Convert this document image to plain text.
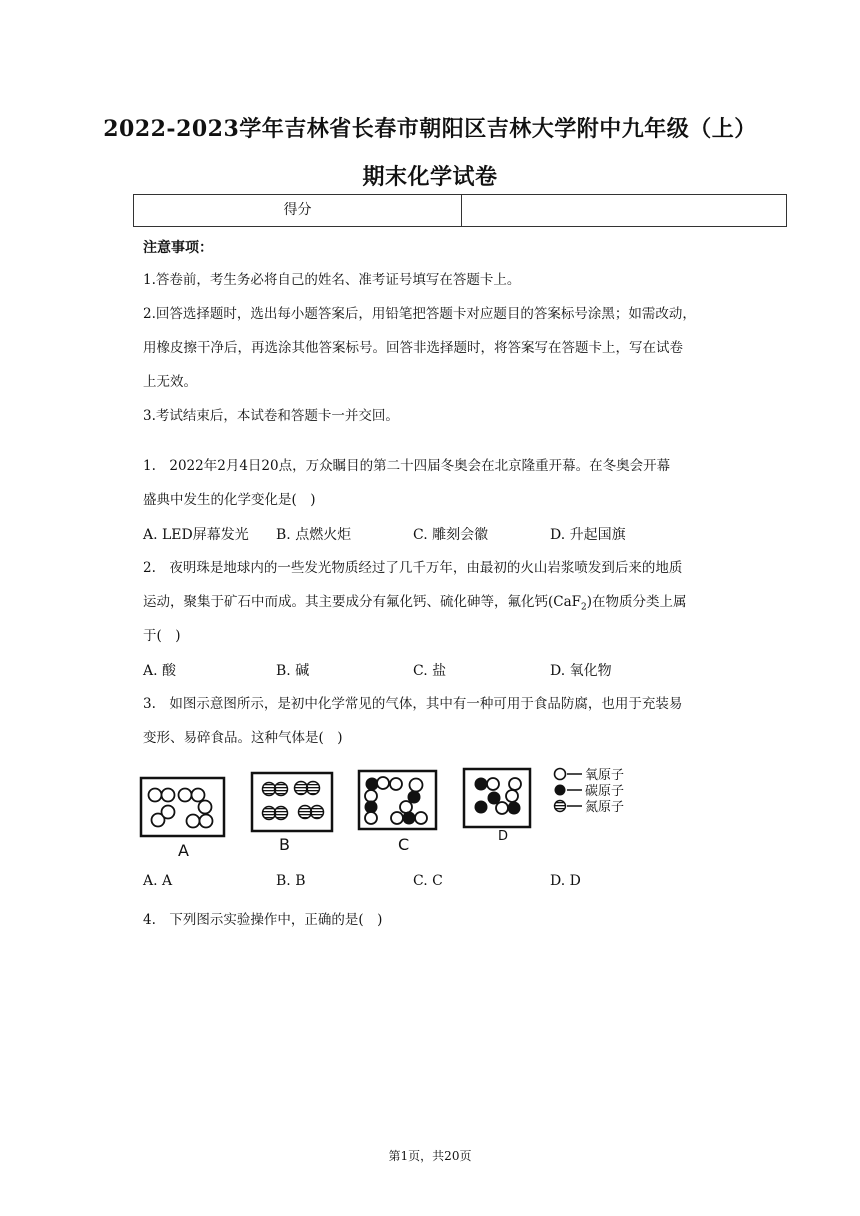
2022-2023学年吉林省长春市朝阳区吉林大学附中九年级（上）
期末化学试卷
得分
注意事项：
1.答卷前，考生务必将自己的姓名、准考证号填写在答题卡上。
2.回答选择题时，选出每小题答案后，用铅笔把答题卡对应题目的答案标号涂黑；如需改动，
用橡皮擦干净后，再选涂其他答案标号。回答非选择题时，将答案写在答题卡上，写在试卷
上无效。
3.考试结束后，本试卷和答题卡一并交回。
1.　2022年2月4日20点，万众瞩目的第二十四届冬奥会在北京隆重开幕。在冬奥会开幕
盛典中发生的化学变化是(　)
A. LED屏幕发光 B. 点燃火炬	C. 雕刻会徽	D. 升起国旗
2.　夜明珠是地球内的一些发光物质经过了几千万年，由最初的火山岩浆喷发到后来的地质
运动，聚集于矿石中而成。其主要成分有氟化钙、硫化砷等，氟化钙(CaF$_2$)在物质分类上属
于(　)
A. 酸	B. 碱	C. 盐	D. 氧化物
3.　如图示意图所示，是初中化学常见的气体，其中有一种可用于食品防腐，也用于充装易
变形、易碎食品。这种气体是(　)
A	B	C	D
氧原子
碳原子
氮原子
A. A	B. B	C. C	D. D
4.　下列图示实验操作中，正确的是(　)
第1页，共20页
